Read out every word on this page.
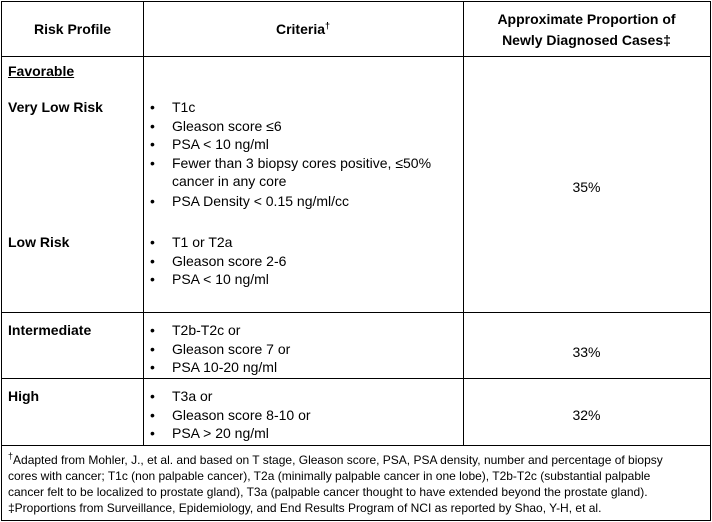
Risk Profile	Criteria†	Approximate Proportion of
Newly Diagnosed Cases‡
Favorable
Very Low Risk	• T1c
• Gleason score ≤6
• PSA < 10 ng/ml
• Fewer than 3 biopsy cores positive, ≤50%
cancer in any core
• PSA Density < 0.15 ng/ml/cc
Low Risk	• T1 or T2a
• Gleason score 2-6
• PSA < 10 ng/ml
35%
Intermediate	• T2b-T2c or
• Gleason score 7 or
• PSA 10-20 ng/ml
33%
High	• T3a or
• Gleason score 8-10 or
• PSA > 20 ng/ml
32%
†Adapted from Mohler, J., et al. and based on T stage, Gleason score, PSA, PSA density, number and percentage of biopsy
cores with cancer; T1c (non palpable cancer), T2a (minimally palpable cancer in one lobe), T2b-T2c (substantial palpable
cancer felt to be localized to prostate gland), T3a (palpable cancer thought to have extended beyond the prostate gland).
‡Proportions from Surveillance, Epidemiology, and End Results Program of NCI as reported by Shao, Y-H, et al.
